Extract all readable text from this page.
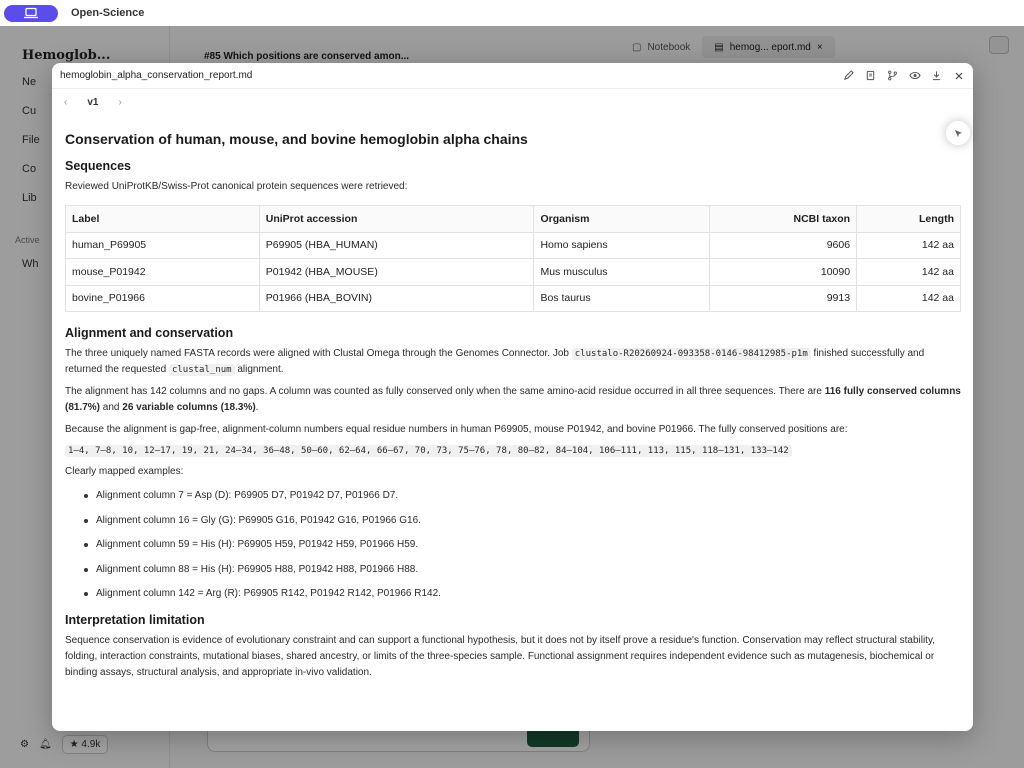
Open-Science
Hemoglob...
Ne
Cu
File
Co
Lib
Active
Wh
⚙ 🔔︎	★ 4.9k
#85 Which positions are conserved amon...
▢ Notebook ▤ hemog... eport.md ×
hemoglobin_alpha_conservation_report.md
‹ v1 ›
Conservation of human, mouse, and bovine hemoglobin alpha chains
Sequences

Reviewed UniProtKB/Swiss-Prot canonical protein sequences were retrieved:

Label	UniProt accession	Organism	NCBI taxon	Length
human_P69905	P69905 (HBA_HUMAN)	Homo sapiens	9606	142 aa
mouse_P01942	P01942 (HBA_MOUSE)	Mus musculus	10090	142 aa
bovine_P01966	P01966 (HBA_BOVIN)	Bos taurus	9913	142 aa
Alignment and conservation

The three uniquely named FASTA records were aligned with Clustal Omega through the Genomes Connector. Job clustalo-R20260924-093358-0146-98412985-p1m finished successfully and returned the requested clustal_num alignment.

The alignment has 142 columns and no gaps. A column was counted as fully conserved only when the same amino-acid residue occurred in all three sequences. There are 116 fully conserved columns (81.7%) and 26 variable columns (18.3%).

Because the alignment is gap-free, alignment-column numbers equal residue numbers in human P69905, mouse P01942, and bovine P01966. The fully conserved positions are:

1–4, 7–8, 10, 12–17, 19, 21, 24–34, 36–48, 50–60, 62–64, 66–67, 70, 73, 75–76, 78, 80–82, 84–104, 106–111, 113, 115, 118–131, 133–142

Clearly mapped examples:

Alignment column 7 = Asp (D): P69905 D7, P01942 D7, P01966 D7.
Alignment column 16 = Gly (G): P69905 G16, P01942 G16, P01966 G16.
Alignment column 59 = His (H): P69905 H59, P01942 H59, P01966 H59.
Alignment column 88 = His (H): P69905 H88, P01942 H88, P01966 H88.
Alignment column 142 = Arg (R): P69905 R142, P01942 R142, P01966 R142.
Interpretation limitation

Sequence conservation is evidence of evolutionary constraint and can support a functional hypothesis, but it does not by itself prove a residue's function. Conservation may reflect structural stability, folding, interaction constraints, mutational biases, shared ancestry, or limits of the three-species sample. Functional assignment requires independent evidence such as mutagenesis, biochemical or binding assays, structural analysis, and appropriate in-vivo validation.
